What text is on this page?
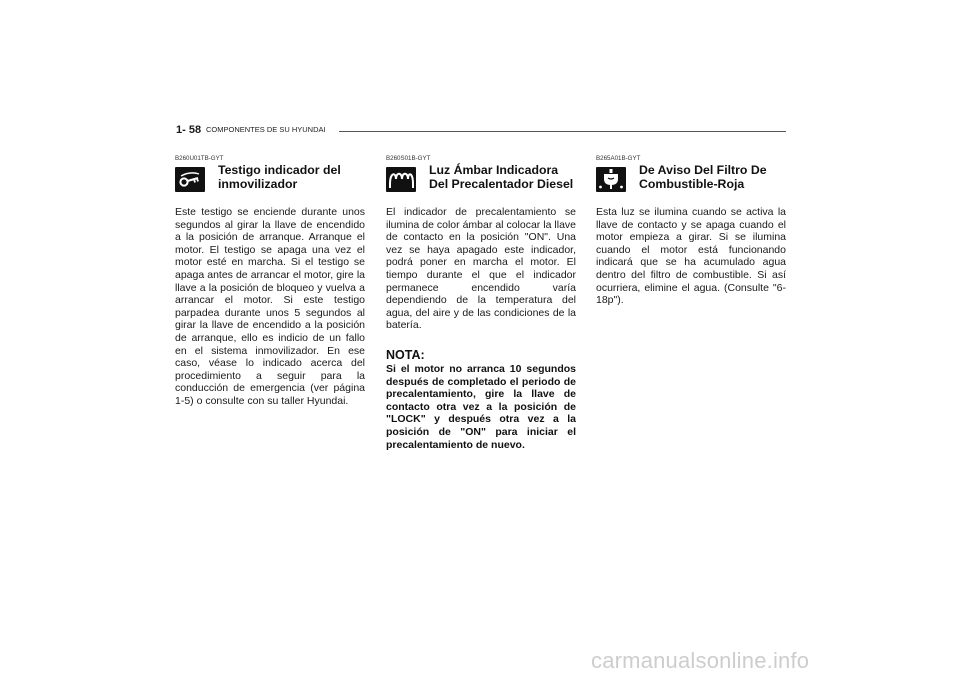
1- 58 COMPONENTES DE SU HYUNDAI
B260U01TB-GYT
Testigo indicador del inmovilizador
Este testigo se enciende durante unos segundos al girar la llave de encendido a la posición de arranque. Arranque el motor. El testigo se apaga una vez el motor esté en marcha. Si el testigo se apaga antes de arrancar el motor, gire la llave a la posición de bloqueo y vuelva a arrancar el motor. Si este testigo parpadea durante unos 5 segundos al girar la llave de encendido a la posición de arranque, ello es indicio de un fallo en el sistema inmovilizador. En ese caso, véase lo indicado acerca del procedimiento a seguir para la conducción de emergencia (ver página 1-5) o consulte con su taller Hyundai.
B260S01B-GYT
Luz Ámbar Indicadora Del Precalentador Diesel
El indicador de precalentamiento se ilumina de color ámbar al colocar la llave de contacto en la posición "ON". Una vez se haya apagado este indicador, podrá poner en marcha el motor. El tiempo durante el que el indicador permanece encendido varía dependiendo de la temperatura del agua, del aire y de las condiciones de la batería.
NOTA:
Si el motor no arranca 10 segundos después de completado el periodo de precalentamiento, gire la llave de contacto otra vez a la posición de "LOCK" y después otra vez a la posición de "ON" para iniciar el precalentamiento de nuevo.
B265A01B-GYT
De Aviso Del Filtro De Combustible-Roja
Esta luz se ilumina cuando se activa la llave de contacto y se apaga cuando el motor empieza a girar. Si se ilumina cuando el motor está funcionando indicará que se ha acumulado agua dentro del filtro de combustible. Si así ocurriera, elimine el agua. (Consulte "6-18p").
carmanualsonline.info
